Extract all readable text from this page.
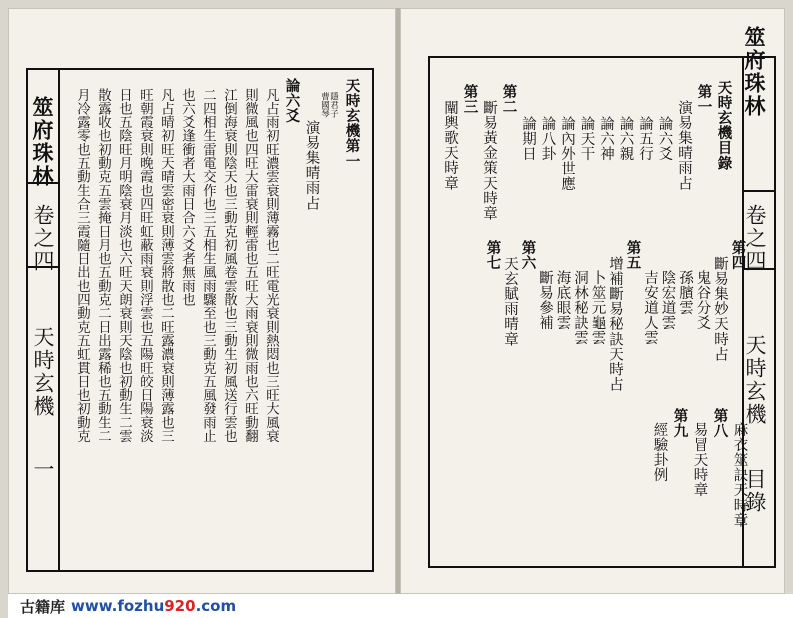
筮府珠林
卷之四
天時玄機
一
天時玄機第一
隱君子
曹國琴
演易集晴雨占
論六爻
凡占雨初旺濃雲衰則薄霧也二旺電光衰則熱悶也三旺大風衰
則微風也四旺大雷衰則輕雷也五旺大雨衰則微雨也六旺動翻
江倒海衰則陰天也三動克初風卷雲散也三動生初風送行雲也
二四相生雷電交作也三五相生風雨驟至也三動克五風發雨止
也六爻逢衝者大雨日合六爻者無雨也
凡占晴初旺天晴雲密衰則薄雲將散也二旺露濃衰則薄露也三
旺朝霞衰則晚霞也四旺虹蔽雨衰則浮雲也五陽旺皎日陽衰淡
日也五陰旺月明陰衰月淡也六旺天朗衰則天陰也初動生二雲
散露收也初動克五雲掩日月也五動克二日出露稀也五動生二
月冷露零也五動生合三霞隨日出也四動克五虹貫日也初動克
筮府珠林
卷之四
天時玄機
目錄
天時玄機目錄
第一
演易集晴雨占
論六爻
論五行
論六親
論六神
論天干
論內外世應
論八卦
論期日
第二
斷易黃金策天時章
第三
闡輿歌天時章
第四
斷易集妙天時占
鬼谷分爻
孫臏雲
陰宏道雲
吉安道人雲
第五
增補斷易秘訣天時占
卜筮元龜雲
洞林秘訣雲
海底眼雲
斷易參補
第六
天玄賦雨晴章
第七
麻衣筮訣天時章
第八
易冒天時章
第九
經驗卦例
古籍库 www.fozhu920.com
